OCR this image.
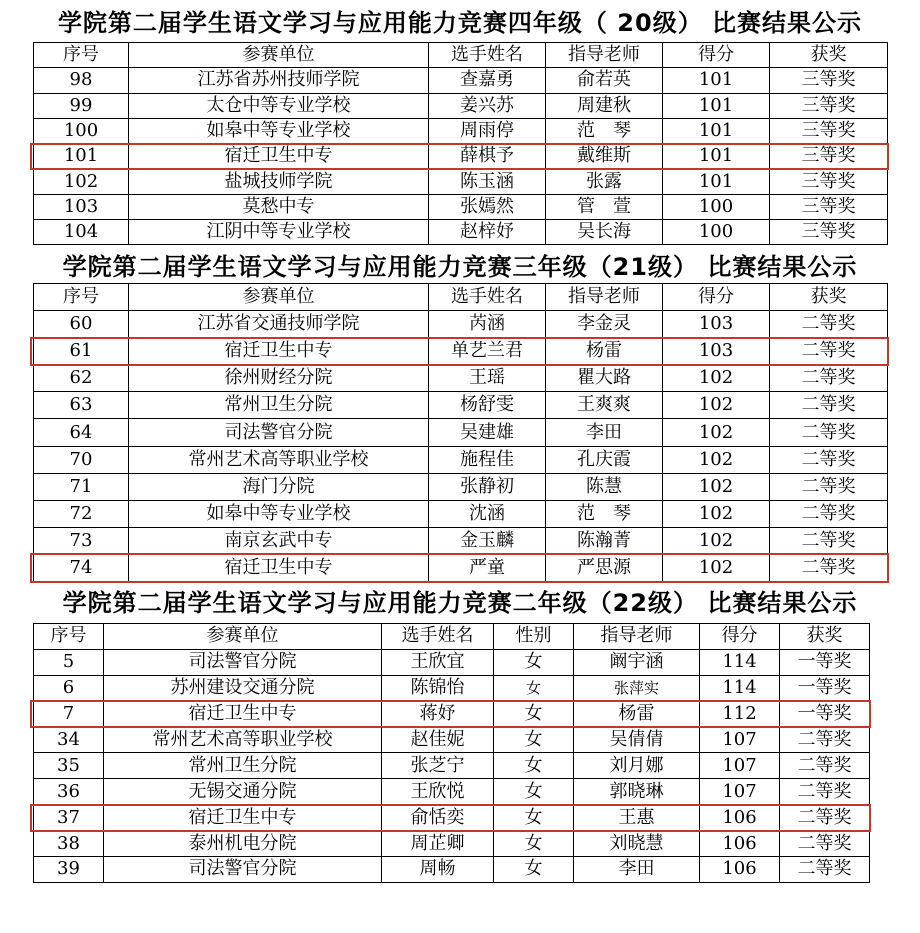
学院第二届学生语文学习与应用能力竞赛四年级（ 20级） 比赛结果公示
序号	参赛单位	选手姓名	指导老师	得分	获奖
98	江苏省苏州技师学院	查嘉勇	俞若英	101	三等奖
99	太仓中等专业学校	姜兴苏	周建秋	101	三等奖
100	如皋中等专业学校	周雨停	范　琴	101	三等奖
101	宿迁卫生中专	薛棋予	戴维斯	101	三等奖
102	盐城技师学院	陈玉涵	张露	101	三等奖
103	莫愁中专	张嫣然	管　萱	100	三等奖
104	江阴中等专业学校	赵梓妤	吴长海	100	三等奖
学院第二届学生语文学习与应用能力竞赛三年级（21级） 比赛结果公示
序号	参赛单位	选手姓名	指导老师	得分	获奖
60	江苏省交通技师学院	芮涵	李金灵	103	二等奖
61	宿迁卫生中专	单艺兰君	杨雷	103	二等奖
62	徐州财经分院	王瑶	瞿大路	102	二等奖
63	常州卫生分院	杨舒雯	王爽爽	102	二等奖
64	司法警官分院	吴建雄	李田	102	二等奖
70	常州艺术高等职业学校	施程佳	孔庆霞	102	二等奖
71	海门分院	张静初	陈慧	102	二等奖
72	如皋中等专业学校	沈涵	范　琴	102	二等奖
73	南京玄武中专	金玉麟	陈瀚菁	102	二等奖
74	宿迁卫生中专	严童	严思源	102	二等奖
学院第二届学生语文学习与应用能力竞赛二年级（22级） 比赛结果公示
序号	参赛单位	选手姓名	性别	指导老师	得分	获奖
5	司法警官分院	王欣宜	女	阚宇涵	114	一等奖
6	苏州建设交通分院	陈锦怡	女	张萍实	114	一等奖
7	宿迁卫生中专	蒋妤	女	杨雷	112	一等奖
34	常州艺术高等职业学校	赵佳妮	女	吴倩倩	107	二等奖
35	常州卫生分院	张芝宁	女	刘月娜	107	二等奖
36	无锡交通分院	王欣悦	女	郭晓琳	107	二等奖
37	宿迁卫生中专	俞恬奕	女	王惠	106	二等奖
38	泰州机电分院	周芷卿	女	刘晓慧	106	二等奖
39	司法警官分院	周畅	女	李田	106	二等奖
